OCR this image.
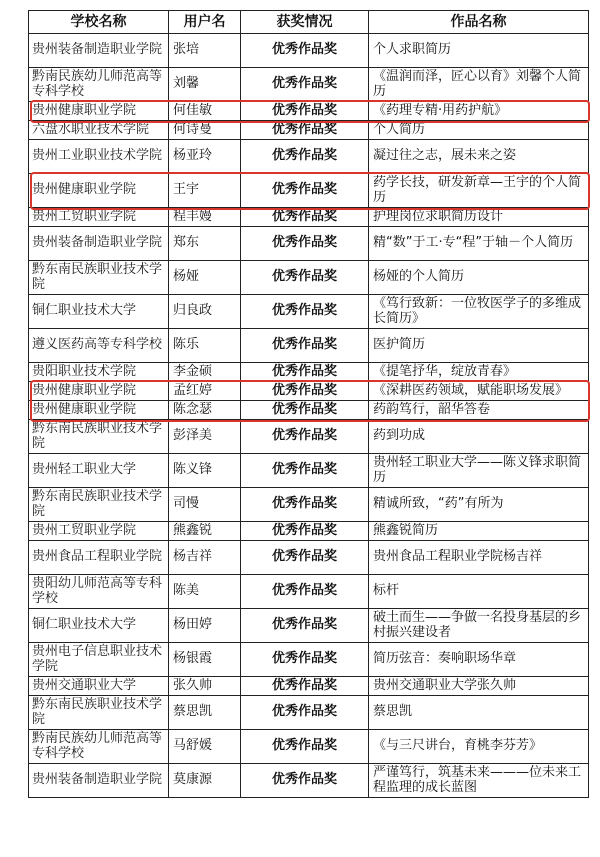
学校名称	用户名	获奖情况	作品名称
贵州装备制造职业学院	张培	优秀作品奖	个人求职简历
黔南民族幼儿师范高等专科学校	刘馨	优秀作品奖	《温润而泽，匠心以育》刘馨个人简历
贵州健康职业学院	何佳敏	优秀作品奖	《药理专精·用药护航》
六盘水职业技术学院	何诗曼	优秀作品奖	个人简历
贵州工业职业技术学院	杨亚玲	优秀作品奖	凝过往之志，展未来之姿
贵州健康职业学院	王宇	优秀作品奖	药学长技，研发新章—王宇的个人简历
贵州工贸职业学院	程丰嫚	优秀作品奖	护理岗位求职简历设计
贵州装备制造职业学院	郑东	优秀作品奖	精“数”于工·专“程”于轴－个人简历
黔东南民族职业技术学院	杨娅	优秀作品奖	杨娅的个人简历
铜仁职业技术大学	归良政	优秀作品奖	《笃行致新：一位牧医学子的多维成长简历》
遵义医药高等专科学校	陈乐	优秀作品奖	医护简历
贵阳职业技术学院	李金硕	优秀作品奖	《提笔抒华，绽放青春》
贵州健康职业学院	孟红婷	优秀作品奖	《深耕医药领域，赋能职场发展》
贵州健康职业学院	陈念瑟	优秀作品奖	药韵笃行，韶华答卷
黔东南民族职业技术学院	彭泽美	优秀作品奖	药到功成
贵州轻工职业大学	陈义锋	优秀作品奖	贵州轻工职业大学——陈义锋求职简历
黔东南民族职业技术学院	司慢	优秀作品奖	精诚所致，“药”有所为
贵州工贸职业学院	熊鑫锐	优秀作品奖	熊鑫锐简历
贵州食品工程职业学院	杨吉祥	优秀作品奖	贵州食品工程职业学院杨吉祥
贵阳幼儿师范高等专科学校	陈美	优秀作品奖	标杆
铜仁职业技术大学	杨田婷	优秀作品奖	破土而生——争做一名投身基层的乡村振兴建设者
贵州电子信息职业技术学院	杨银霞	优秀作品奖	简历弦音：奏响职场华章
贵州交通职业大学	张久帅	优秀作品奖	贵州交通职业大学张久帅
黔东南民族职业技术学院	蔡思凯	优秀作品奖	蔡思凯
黔南民族幼儿师范高等专科学校	马舒媛	优秀作品奖	《与三尺讲台，育桃李芬芳》
贵州装备制造职业学院	莫康源	优秀作品奖	严谨笃行，筑基未来———位未来工程监理的成长蓝图
